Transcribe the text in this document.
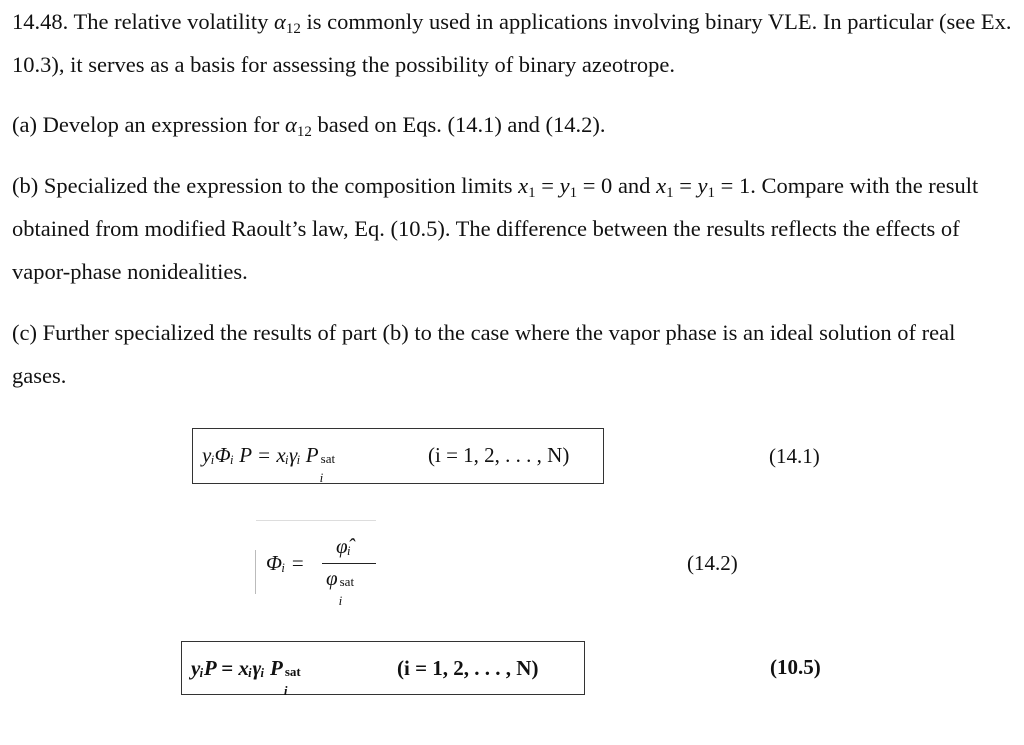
14.48. The relative volatility $\alpha_{12}$ is commonly used in applications involving binary VLE. In particular (see Ex. 10.3), it serves as a basis for assessing the possibility of binary azeotrope.

(a) Develop an expression for $\alpha_{12}$ based on Eqs. (14.1) and (14.2).

(b) Specialized the expression to the composition limits $x_1 = y_1 = 0$ and $x_1 = y_1 = 1$. Compare with the result obtained from modified Raoult’s law, Eq. (10.5). The difference between the results reflects the effects of vapor-phase nonidealities.

(c) Further specialized the results of part (b) to the case where the vapor phase is an ideal solution of real gases.

yᵢΦᵢ P = xᵢγᵢ P sat
i
(i = 1, 2, . . . , N)	(14.1)
Φᵢ =
φ̂ᵢ
φ sat
i
(14.2)
yᵢP = xᵢγᵢ P sat
i
(i = 1, 2, . . . , N)	(10.5)
